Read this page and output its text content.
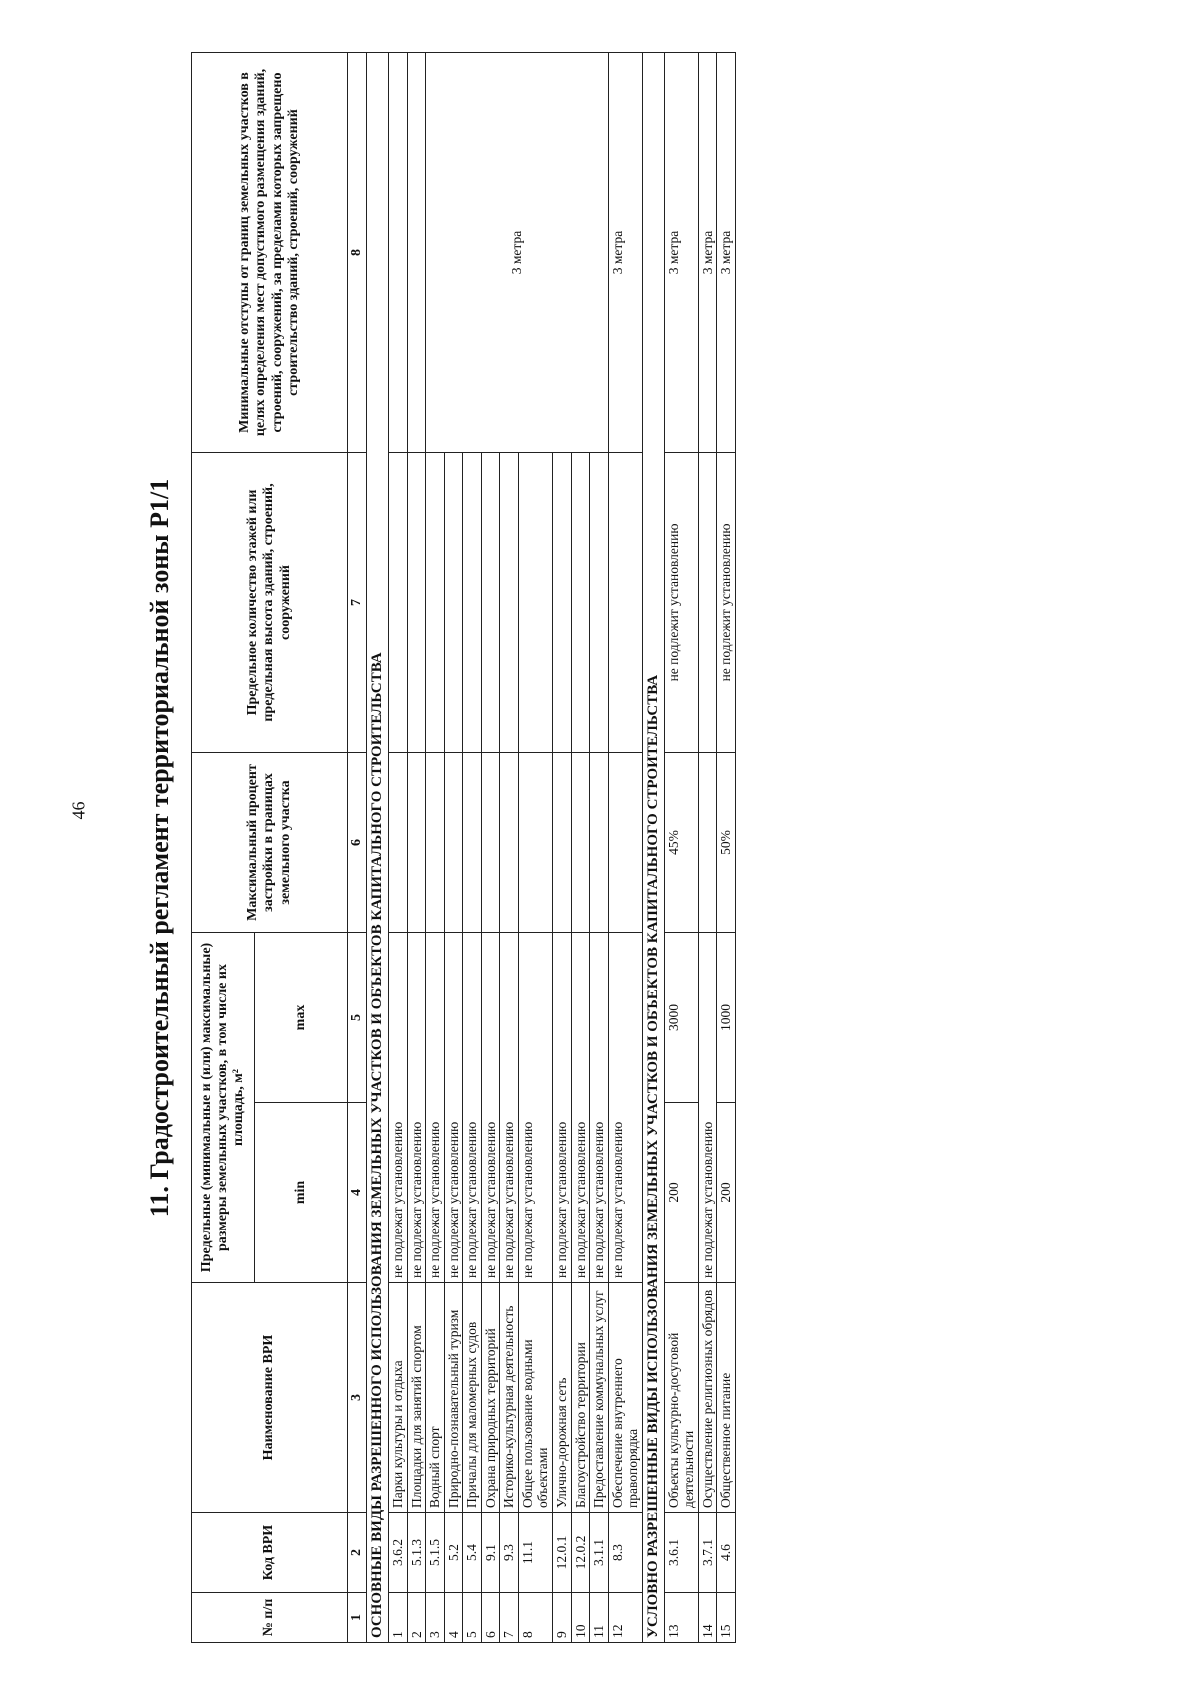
46	11. Градостроительный регламент территориальной зоны Р1/1
№ п/п	Код ВРИ	Наименование ВРИ	Предельные (минимальные и (или) максимальные) размеры земельных участков, в том числе их площадь, м²		Максимальный процент застройки в границах земельного участка	Предельное количество этажей или предельная высота зданий, строений, сооружений	Минимальные отступы от границ земельных участков в целях определения мест допустимого размещения зданий, строений, сооружений, за пределами которых запрещено строительство зданий, строений, сооружений
			min	max			
1	2	3	4	5	6	7	8
ОСНОВНЫЕ ВИДЫ РАЗРЕШЕННОГО ИСПОЛЬЗОВАНИЯ ЗЕМЕЛЬНЫХ УЧАСТКОВ И ОБЪЕКТОВ КАПИТАЛЬНОГО СТРОИТЕЛЬСТВА							
1	3.6.2	Парки культуры и отдыха	не подлежат установлению				
2	5.1.3	Площадки для занятий спортом	не подлежат установлению				
3	5.1.5	Водный спорт	не подлежат установлению				3 метра
4	5.2	Природно-познавательный туризм	не подлежат установлению				
5	5.4	Причалы для маломерных судов	не подлежат установлению				
6	9.1	Охрана природных территорий	не подлежат установлению				
7	9.3	Историко-культурная деятельность	не подлежат установлению				
8	11.1	Общее пользование водными объектами	не подлежат установлению				
9	12.0.1	Улично-дорожная сеть	не подлежат установлению				
10	12.0.2	Благоустройство территории	не подлежат установлению				
11	3.1.1	Предоставление коммунальных услуг	не подлежат установлению				
12	8.3	Обеспечение внутреннего правопорядка	не подлежат установлению				3 метра
УСЛОВНО РАЗРЕШЕННЫЕ ВИДЫ ИСПОЛЬЗОВАНИЯ ЗЕМЕЛЬНЫХ УЧАСТКОВ И ОБЪЕКТОВ КАПИТАЛЬНОГО СТРОИТЕЛЬСТВА							
13	3.6.1	Объекты культурно-досуговой деятельности	200	3000	45%	не подлежит установлению	3 метра
14	3.7.1	Осуществление религиозных обрядов	не подлежат установлению				3 метра
15	4.6	Общественное питание	200	1000	50%	не подлежит установлению	3 метра
